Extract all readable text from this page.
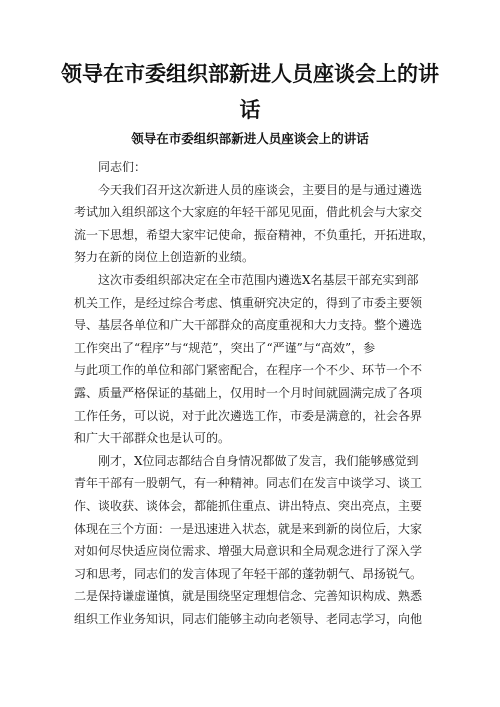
领导在市委组织部新进人员座谈会上的讲
话
领导在市委组织部新进人员座谈会上的讲话
同志们：
今天我们召开这次新进人员的座谈会，主要目的是与通过遴选
考试加入组织部这个大家庭的年轻干部见见面，借此机会与大家交
流一下思想，希望大家牢记使命，振奋精神，不负重托，开拓进取，
努力在新的岗位上创造新的业绩。
这次市委组织部决定在全市范围内遴选X名基层干部充实到部
机关工作，是经过综合考虑、慎重研究决定的，得到了市委主要领
导、基层各单位和广大干部群众的高度重视和大力支持。整个遴选
工作突出了“程序”与“规范”，突出了“严谨”与“高效”，参
与此项工作的单位和部门紧密配合，在程序一个不少、环节一个不
露、质量严格保证的基础上，仅用时一个月时间就圆满完成了各项
工作任务，可以说，对于此次遴选工作，市委是满意的，社会各界
和广大干部群众也是认可的。
刚才，X位同志都结合自身情况都做了发言，我们能够感觉到
青年干部有一股朝气，有一种精神。同志们在发言中谈学习、谈工
作、谈收获、谈体会，都能抓住重点、讲出特点、突出亮点，主要
体现在三个方面：一是迅速进入状态，就是来到新的岗位后，大家
对如何尽快适应岗位需求、增强大局意识和全局观念进行了深入学
习和思考，同志们的发言体现了年轻干部的蓬勃朝气、昂扬锐气。
二是保持谦虚谨慎，就是围绕坚定理想信念、完善知识构成、熟悉
组织工作业务知识，同志们能够主动向老领导、老同志学习，向他
